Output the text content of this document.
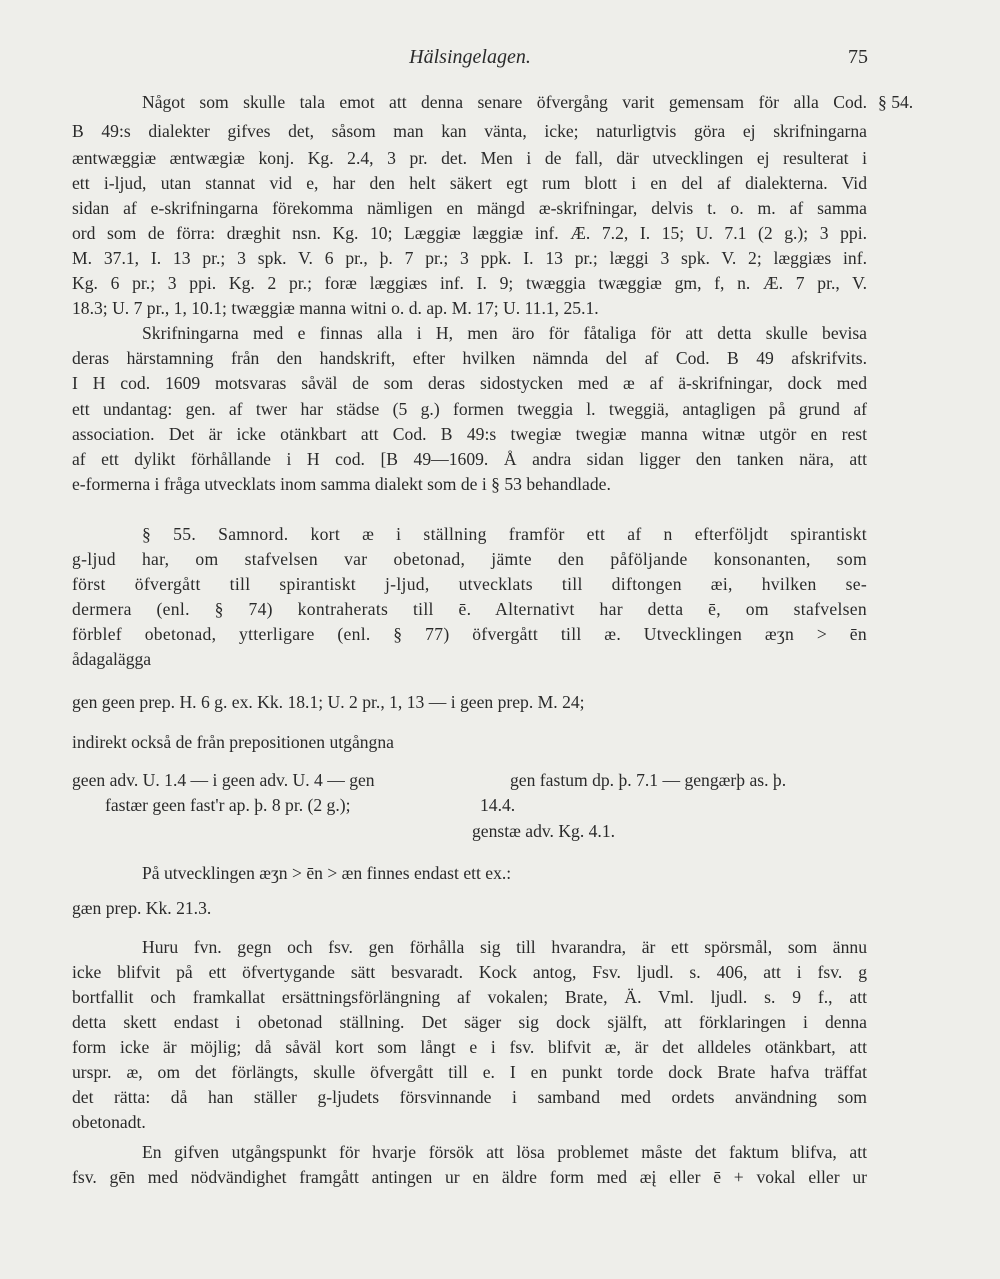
Hälsingelagen.	75
§ 54.
Något som skulle tala emot att denna senare öfvergång varit gemensam för alla Cod.
B 49:s dialekter gifves det, såsom man kan vänta, icke; naturligtvis göra ej skrifningarna
æntwæggiæ æntwægiæ konj. Kg. 2.4, 3 pr. det. Men i de fall, där utvecklingen ej resulterat i
ett i-ljud, utan stannat vid e, har den helt säkert egt rum blott i en del af dialekterna. Vid
sidan af e-skrifningarna förekomma nämligen en mängd æ-skrifningar, delvis t. o. m. af samma
ord som de förra: dræghit nsn. Kg. 10; Læggiæ læggiæ inf. Æ. 7.2, I. 15; U. 7.1 (2 g.); 3 ppi.
M. 37.1, I. 13 pr.; 3 spk. V. 6 pr., þ. 7 pr.; 3 ppk. I. 13 pr.; læggi 3 spk. V. 2; læggiæs inf.
Kg. 6 pr.; 3 ppi. Kg. 2 pr.; foræ læggiæs inf. I. 9; twæggia twæggiæ gm, f, n. Æ. 7 pr., V.
18.3; U. 7 pr., 1, 10.1; twæggiæ manna witni o. d. ap. M. 17; U. 11.1, 25.1.
Skrifningarna med e finnas alla i H, men äro för fåtaliga för att detta skulle bevisa
deras härstamning från den handskrift, efter hvilken nämnda del af Cod. B 49 afskrifvits.
I H cod. 1609 motsvaras såväl de som deras sidostycken med æ af ä-skrifningar, dock med
ett undantag: gen. af twer har städse (5 g.) formen tweggia l. tweggiä, antagligen på grund af
association. Det är icke otänkbart att Cod. B 49:s twegiæ twegiæ manna witnæ utgör en rest
af ett dylikt förhållande i H cod. [B 49—1609. Å andra sidan ligger den tanken nära, att
e-formerna i fråga utvecklats inom samma dialekt som de i § 53 behandlade.
§ 55. Samnord. kort æ i ställning framför ett af n efterföljdt spirantiskt
g-ljud har, om stafvelsen var obetonad, jämte den påföljande konsonanten, som
först öfvergått till spirantiskt j-ljud, utvecklats till diftongen æi, hvilken se-
dermera (enl. § 74) kontraherats till ē. Alternativt har detta ē, om stafvelsen
förblef obetonad, ytterligare (enl. § 77) öfvergått till æ. Utvecklingen æʒn > ēn
ådagalägga
gen geen prep. H. 6 g. ex. Kk. 18.1; U. 2 pr., 1, 13 — i geen prep. M. 24;
indirekt också de från prepositionen utgångna
geen adv. U. 1.4 — i geen adv. U. 4 — gen
fastær geen fast'r ap. þ. 8 pr. (2 g.);
gen fastum dp. þ. 7.1 — gengærþ as. þ.
14.4.
genstæ adv. Kg. 4.1.
På utvecklingen æʒn > ēn > æn finnes endast ett ex.:
gæn prep. Kk. 21.3.
Huru fvn. gegn och fsv. gen förhålla sig till hvarandra, är ett spörsmål, som ännu
icke blifvit på ett öfvertygande sätt besvaradt. Kock antog, Fsv. ljudl. s. 406, att i fsv. g
bortfallit och framkallat ersättningsförlängning af vokalen; Brate, Ä. Vml. ljudl. s. 9 f., att
detta skett endast i obetonad ställning. Det säger sig dock själft, att förklaringen i denna
form icke är möjlig; då såväl kort som långt e i fsv. blifvit æ, är det alldeles otänkbart, att
urspr. æ, om det förlängts, skulle öfvergått till e. I en punkt torde dock Brate hafva träffat
det rätta: då han ställer g-ljudets försvinnande i samband med ordets användning som
obetonadt.
En gifven utgångspunkt för hvarje försök att lösa problemet måste det faktum blifva, att
fsv. gēn med nödvändighet framgått antingen ur en äldre form med æį eller ē + vokal eller ur
